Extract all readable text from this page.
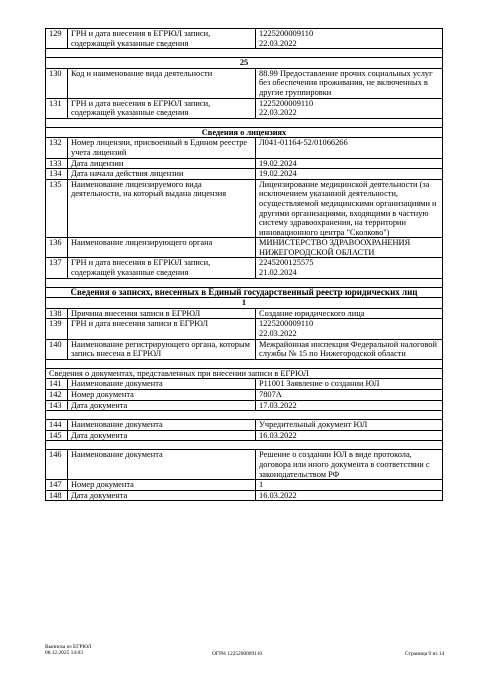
129	ГРН и дата внесения в ЕГРЮЛ записи, содержащей указанные сведения	1225200009110
22.03.2022

25		
130	Код и наименование вида деятельности	88.99 Предоставление прочих социальных услуг без обеспечения проживания, не включенных в другие группировки
131	ГРН и дата внесения в ЕГРЮЛ записи, содержащей указанные сведения	1225200009110
22.03.2022

Сведения о лицензиях		
132	Номер лицензии, присвоенный в Едином реестре учета лицензий	Л041-01164-52/01066266
133	Дата лицензии	19.02.2024
134	Дата начала действия лицензии	19.02.2024
135	Наименование лицензируемого вида деятельности, на который выдана лицензия	Лицензирование медицинской деятельности (за исключением указанной деятельности, осуществляемой медицинскими организациями и другими организациями, входящими в частную систему здравоохранения, на территории инновационного центра "Сколково")
136	Наименование лицензирующего органа	МИНИСТЕРСТВО ЗДРАВООХРАНЕНИЯ НИЖЕГОРОДСКОЙ ОБЛАСТИ
137	ГРН и дата внесения в ЕГРЮЛ записи, содержащей указанные сведения	2245200125575
21.02.2024

Сведения о записях, внесенных в Единый государственный реестр юридических лиц		
1		
138	Причина внесения записи в ЕГРЮЛ	Создание юридического лица
139	ГРН и дата внесения записи в ЕГРЮЛ	1225200009110
22.03.2022
140	Наименование регистрирующего органа, которым запись внесена в ЕГРЮЛ	Межрайонная инспекция Федеральной налоговой службы № 15 по Нижегородской области

Сведения о документах, представленных при внесении записи в ЕГРЮЛ		
141	Наименование документа	Р11001 Заявление о создании ЮЛ
142	Номер документа	7807А
143	Дата документа	17.03.2022

144	Наименование документа	Учредительный документ ЮЛ
145	Дата документа	16.03.2022

146	Наименование документа	Решение о создании ЮЛ в виде протокола, договора или иного документа в соответствии с законодательством РФ
147	Номер документа	1
148	Дата документа	16.03.2022
Выписка из ЕГРЮЛ
08.12.2025 14:03	ОГРН 1225200009110	Страница 9 из 14
